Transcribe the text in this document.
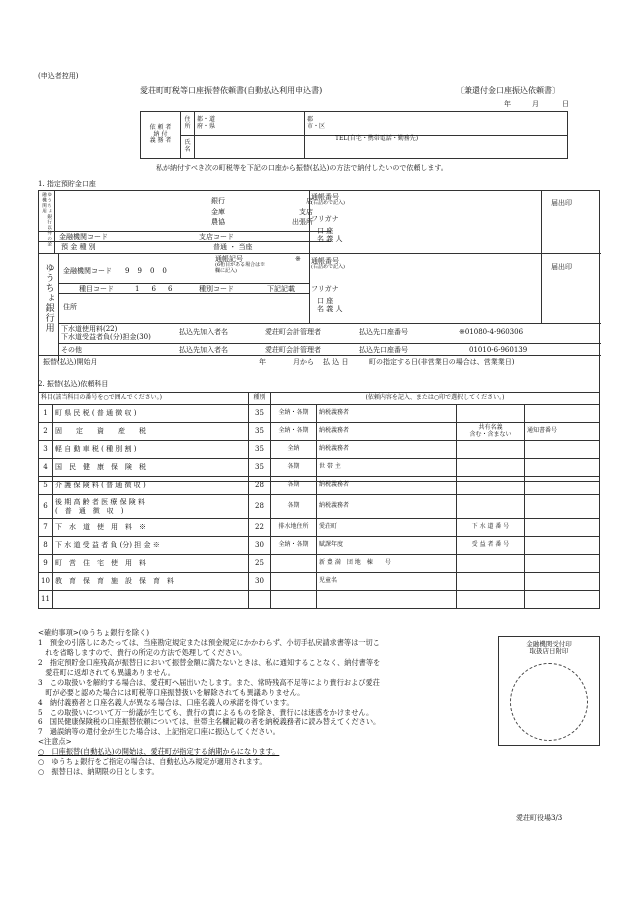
(申込者控用)
愛荘町町税等口座振替依頼書(自動払込利用申込書)	〔兼還付金口座振込依頼書〕
年	月	日
依 頼 者
納 付
義 務 者	住所	都・道
府・県	郡
市・区
	氏名		TEL(自宅・携帯電話・勤務先)
私が納付すべき次の町税等を下記の口座から振替(払込)の方法で納付したいので依頼します。
1. 指定預貯金口座
ゆうちょ銀行以外の金融機関用	銀行
金庫
農協
店
支店
出張所
金融機関コード	支店コード
預 金 種 別	普通 ・ 当座
通帳番号
(右詰めで記入)
フリガナ
口 座
名 義 人
届出印
ゆうちょ銀行用 金融機関コード 9 9 0 0
通帳記号
(6桁目がある場合は※欄に記入)
※
種目コード	1 6 6	種別コード	下記記載
住所
通帳番号
(右詰めで記入)
フリガナ
口 座
名 義 人
届出印
下水道使用料(22)
下水道受益者負(分)担金(30)
払込先加入者名	愛荘町会計管理者	払込先口座番号	※01080-4-960306
その他	払込先加入者名	愛荘町会計管理者	払込先口座番号	01010-6-960139
振替(払込)開始月	年	月から 払 込 日	町の指定する日(非営業日の場合は、営業業日)
2. 振替(払込)依頼科目
科目(該当科目の番号を○で囲んでください。)		種別	(依頼内容を記入、または○印で選択してください。)			
1	町 県 民 税 ( 普 通 徴 収 )	35	全納・各期	納税義務者		
2	固　　定　　資　　産　　税	35	全納・各期	納税義務者	共有名義
含む・含まない	通知書番号
3	軽 自 動 車 税 ( 種 別 割 )	35	全納	納税義務者		
4	国　民　健　康　保　険　税	35	各期	世 帯 主		
5	介 護 保 険 料 ( 普 通 徴 収 )	28	各期	納税義務者		
6	後 期 高 齢 者 医 療 保 険 料
(　普　通　徴　収　)	28	各期	納税義務者		
7	下　水　道　使　用　料　※	22	排水地住所	愛荘町	下 水 道 番 号	
8	下 水 道 受 益 者 負 (分) 担 金 ※	30	全納・各期	賦課年度	受 益 者 番 号	
9	町　営　住　宅　使　用　料	25		新 豊 満　団 地　棟　　号		
10	教　育　保　育　施　設　保　育　料	30		児童名		
11						
<確約事項>(ゆうちょ銀行を除く)
1　預金の引落しにあたっては、当座勘定規定または預金規定にかかわらず、小切手払戻請求書等は一切こ
　れを省略しますので、貴行の所定の方法で処理してください。
2　指定預貯金口座残高が振替日において振替金額に満たないときは、私に通知することなく、納付書等を
　愛荘町に返却されても異議ありません。
3　この取扱いを解約する場合は、愛荘町へ届出いたします。また、常時残高不足等により貴行および愛荘
　町が必要と認めた場合には町税等口座振替扱いを解除されても異議ありません。
4　納付義務者と口座名義人が異なる場合は、口座名義人の承諾を得ています。
5　この取扱いについて万一紛議が生じても、貴行の責によるものを除き、貴行には迷惑をかけません。
6　国民健康保険税の口座振替依頼については、世帯主名欄記載の者を納税義務者に読み替えてください。
7　過誤納等の還付金が生じた場合は、上記指定口座に振込してください。
<注意点>
○　口座振替(自動払込)の開始は、愛荘町が指定する納期からになります。
○　ゆうちょ銀行をご指定の場合は、自動払込み規定が適用されます。
○　振替日は、納期限の日とします。
金融機関受付印
取扱店日附印
愛荘町役場3/3
